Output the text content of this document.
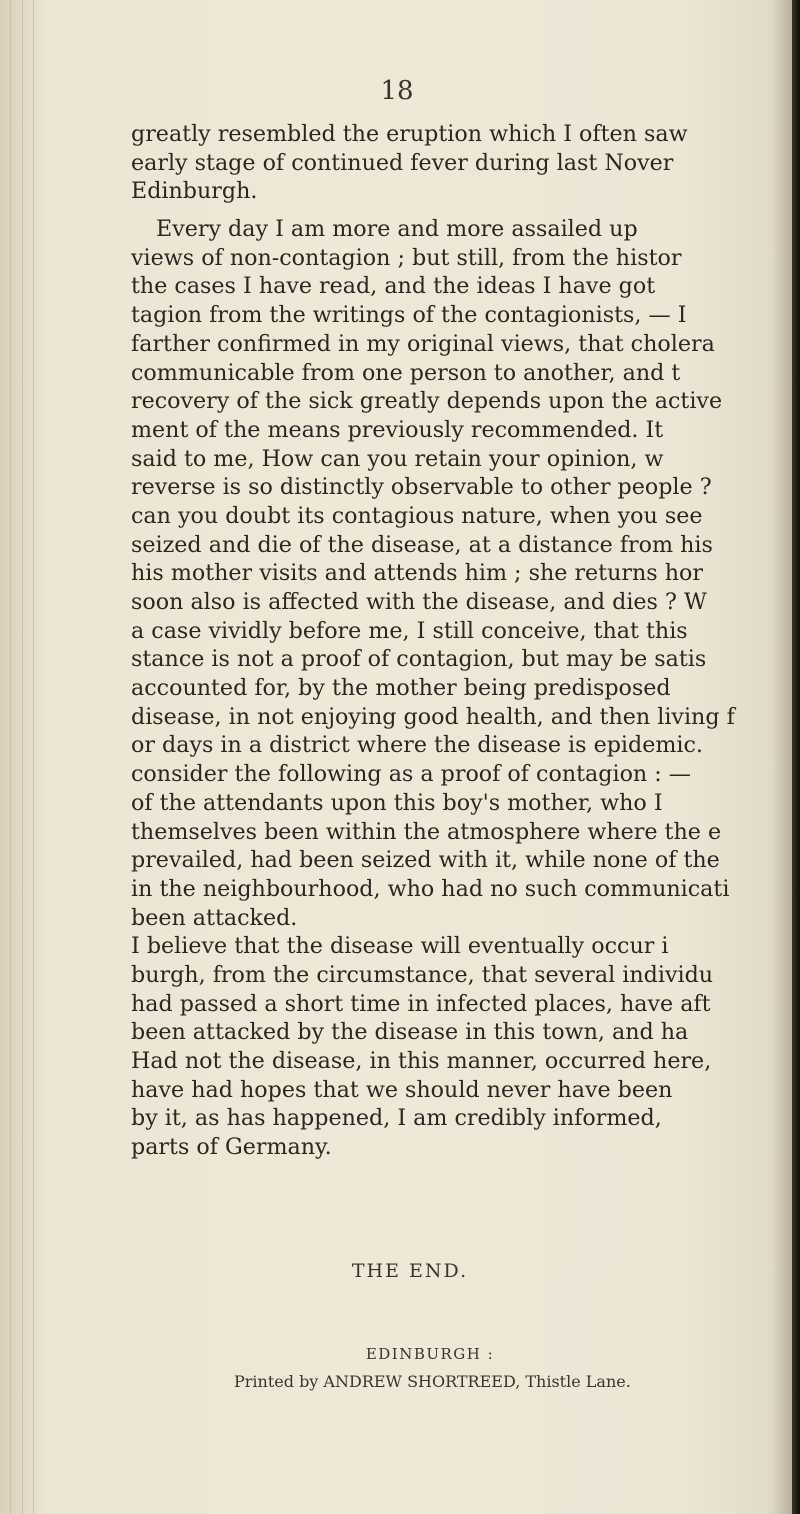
18
greatly resembled the eruption which I often saw
early stage of continued fever during last Nover
Edinburgh.
Every day I am more and more assailed up
views of non-contagion ; but still, from the histor
the cases I have read, and the ideas I have got
tagion from the writings of the contagionists, — I
farther confirmed in my original views, that cholera
communicable from one person to another, and t
recovery of the sick greatly depends upon the active
ment of the means previously recommended. It
said to me, How can you retain your opinion, w
reverse is so distinctly observable to other people ?
can you doubt its contagious nature, when you see
seized and die of the disease, at a distance from his
his mother visits and attends him ; she returns hor
soon also is affected with the disease, and dies ? W
a case vividly before me, I still conceive, that this
stance is not a proof of contagion, but may be satis
accounted for, by the mother being predisposed
disease, in not enjoying good health, and then living f
or days in a district where the disease is epidemic.
consider the following as a proof of contagion : —
of the attendants upon this boy's mother, who I
themselves been within the atmosphere where the e
prevailed, had been seized with it, while none of the
in the neighbourhood, who had no such communicati
been attacked.
I believe that the disease will eventually occur i
burgh, from the circumstance, that several individu
had passed a short time in infected places, have aft
been attacked by the disease in this town, and ha
Had not the disease, in this manner, occurred here,
have had hopes that we should never have been
by it, as has happened, I am credibly informed,
parts of Germany.
THE END.
EDINBURGH :
Printed by ANDREW SHORTREED, Thistle Lane.
